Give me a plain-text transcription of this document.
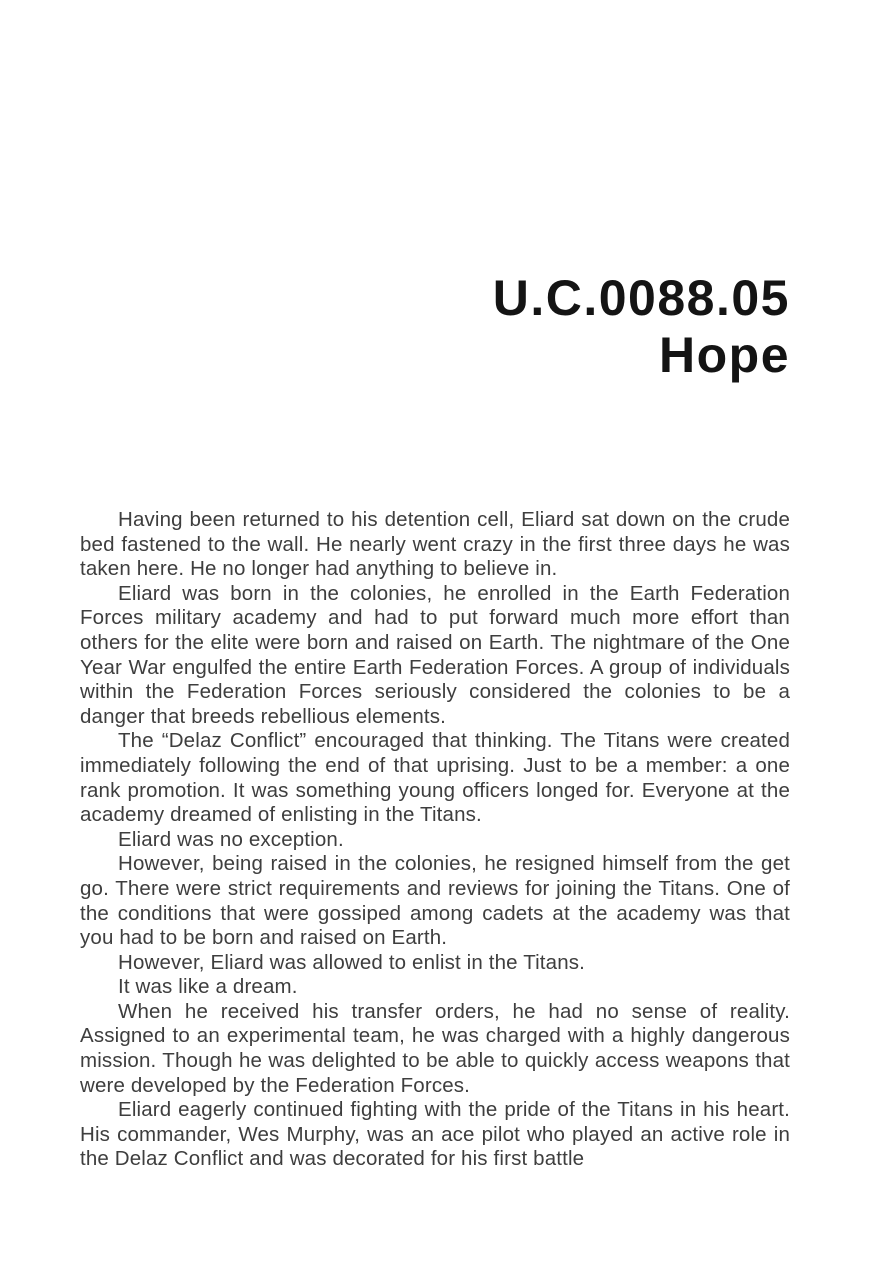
U.C.0088.05
Hope

Having been returned to his detention cell, Eliard sat down on the crude bed fastened to the wall. He nearly went crazy in the first three days he was taken here. He no longer had anything to believe in.

Eliard was born in the colonies, he enrolled in the Earth Federation Forces military academy and had to put forward much more effort than others for the elite were born and raised on Earth. The nightmare of the One Year War engulfed the entire Earth Federation Forces. A group of individuals within the Federation Forces seriously considered the colonies to be a danger that breeds rebellious elements.

The “Delaz Conflict” encouraged that thinking. The Titans were created immediately following the end of that uprising. Just to be a member: a one rank promotion. It was something young officers longed for. Everyone at the academy dreamed of enlisting in the Titans.

Eliard was no exception.

However, being raised in the colonies, he resigned himself from the get go. There were strict requirements and reviews for joining the Titans. One of the conditions that were gossiped among cadets at the academy was that you had to be born and raised on Earth.

However, Eliard was allowed to enlist in the Titans.

It was like a dream.

When he received his transfer orders, he had no sense of reality. Assigned to an experimental team, he was charged with a highly dangerous mission. Though he was delighted to be able to quickly access weapons that were developed by the Federation Forces.

Eliard eagerly continued fighting with the pride of the Titans in his heart. His commander, Wes Murphy, was an ace pilot who played an active role in the Delaz Conflict and was decorated for his first battle
